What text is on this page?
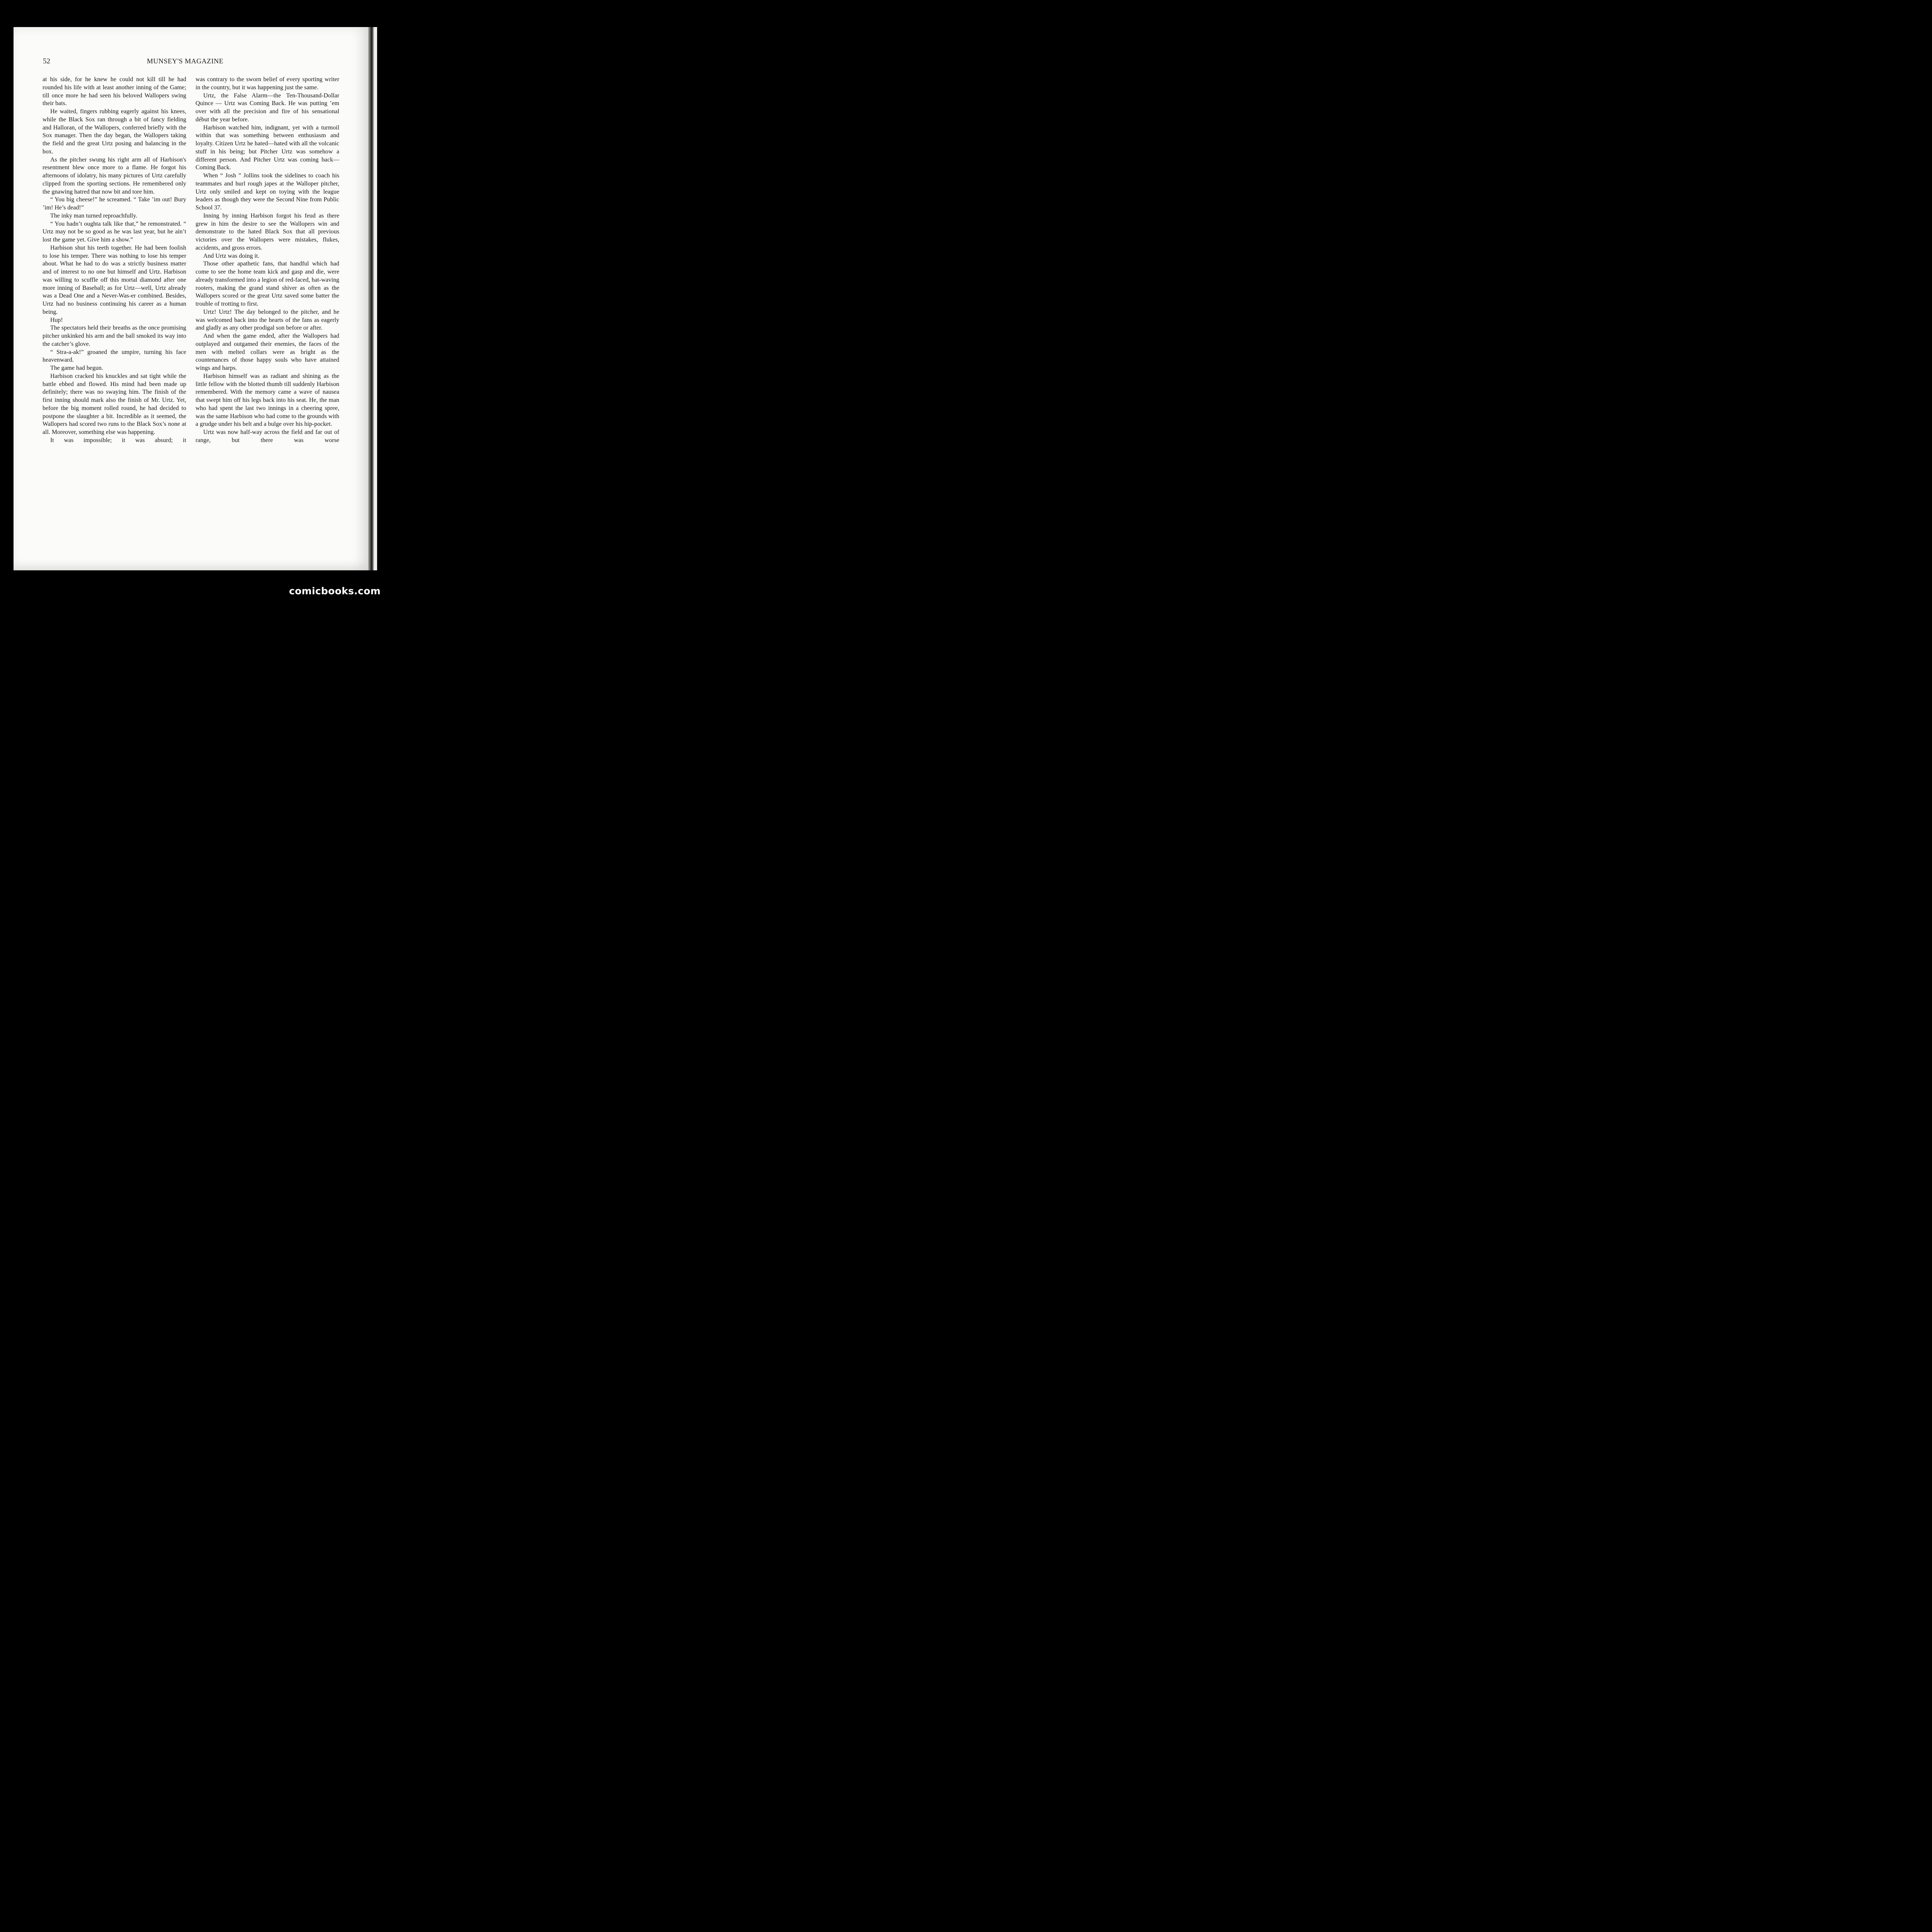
52	MUNSEY'S MAGAZINE

at his side, for he knew he could not kill till he had rounded his life with at least another inning of the Game; till once more he had seen his beloved Wallopers swing their bats.

He waited, fingers rubbing eagerly against his knees, while the Black Sox ran through a bit of fancy fielding and Halloran, of the Wallopers, conferred briefly with the Sox manager. Then the day began, the Wallopers taking the field and the great Urtz posing and balancing in the box.

As the pitcher swung his right arm all of Harbison's resentment blew once more to a flame. He forgot his afternoons of idolatry, his many pictures of Urtz carefully clipped from the sporting sections. He remembered only the gnawing hatred that now bit and tore him.

“ You big cheese!” he screamed. “ Take ’im out! Bury ’im! He’s dead!”

The inky man turned reproachfully.

“ You hadn’t oughta talk like that,” he remonstrated. “ Urtz may not be so good as he was last year, but he ain’t lost the game yet. Give him a show.”

Harbison shut his teeth together. He had been foolish to lose his temper. There was nothing to lose his temper about. What he had to do was a strictly business matter and of interest to no one but himself and Urtz. Harbison was willing to scuffle off this mortal diamond after one more inning of Baseball; as for Urtz—well, Urtz already was a Dead One and a Never-Was-er combined. Besides, Urtz had no business continuing his career as a human being.

Hup!

The spectators held their breaths as the once promising pitcher unkinked his arm and the ball smoked its way into the catcher’s glove.

“ Stra-a-ak!” groaned the umpire, turning his face heavenward.

The game had begun.

Harbison cracked his knuckles and sat tight while the battle ebbed and flowed. His mind had been made up definitely; there was no swaying him. The finish of the first inning should mark also the finish of Mr. Urtz. Yet, before the big moment rolled round, he had decided to postpone the slaughter a bit. Incredible as it seemed, the Wallopers had scored two runs to the Black Sox’s none at all. Moreover, something else was happening.

It was impossible; it was absurd; it

was contrary to the sworn belief of every sporting writer in the country, but it was happening just the same.

Urtz, the False Alarm—the Ten-Thousand-Dollar Quince — Urtz was Coming Back. He was putting ’em over with all the precision and fire of his sensational début the year before.

Harbison watched him, indignant, yet with a turmoil within that was something between enthusiasm and loyalty. Citizen Urtz he hated—hated with all the volcanic stuff in his being; but Pitcher Urtz was somehow a different person. And Pitcher Urtz was coming back—Coming Back.

When “ Josh ” Jollins took the sidelines to coach his teammates and hurl rough japes at the Walloper pitcher, Urtz only smiled and kept on toying with the league leaders as though they were the Second Nine from Public School 37.

Inning by inning Harbison forgot his feud as there grew in him the desire to see the Wallopers win and demonstrate to the hated Black Sox that all previous victories over the Wallopers were mistakes, flukes, accidents, and gross errors.

And Urtz was doing it.

Those other apathetic fans, that handful which had come to see the home team kick and gasp and die, were already transformed into a legion of red-faced, hat-waving rooters, making the grand stand shiver as often as the Wallopers scored or the great Urtz saved some batter the trouble of trotting to first.

Urtz! Urtz! The day belonged to the pitcher, and he was welcomed back into the hearts of the fans as eagerly and gladly as any other prodigal son before or after.

And when the game ended, after the Wallopers had outplayed and outgamed their enemies, the faces of the men with melted collars were as bright as the countenances of those happy souls who have attained wings and harps.

Harbison himself was as radiant and shining as the little fellow with the blotted thumb till suddenly Harbison remembered. With the memory came a wave of nausea that swept him off his legs back into his seat. He, the man who had spent the last two innings in a cheering spree, was the same Harbison who had come to the grounds with a grudge under his belt and a bulge over his hip-pocket.

Urtz was now half-way across the field and far out of range, but there was worse

comicbooks.com
